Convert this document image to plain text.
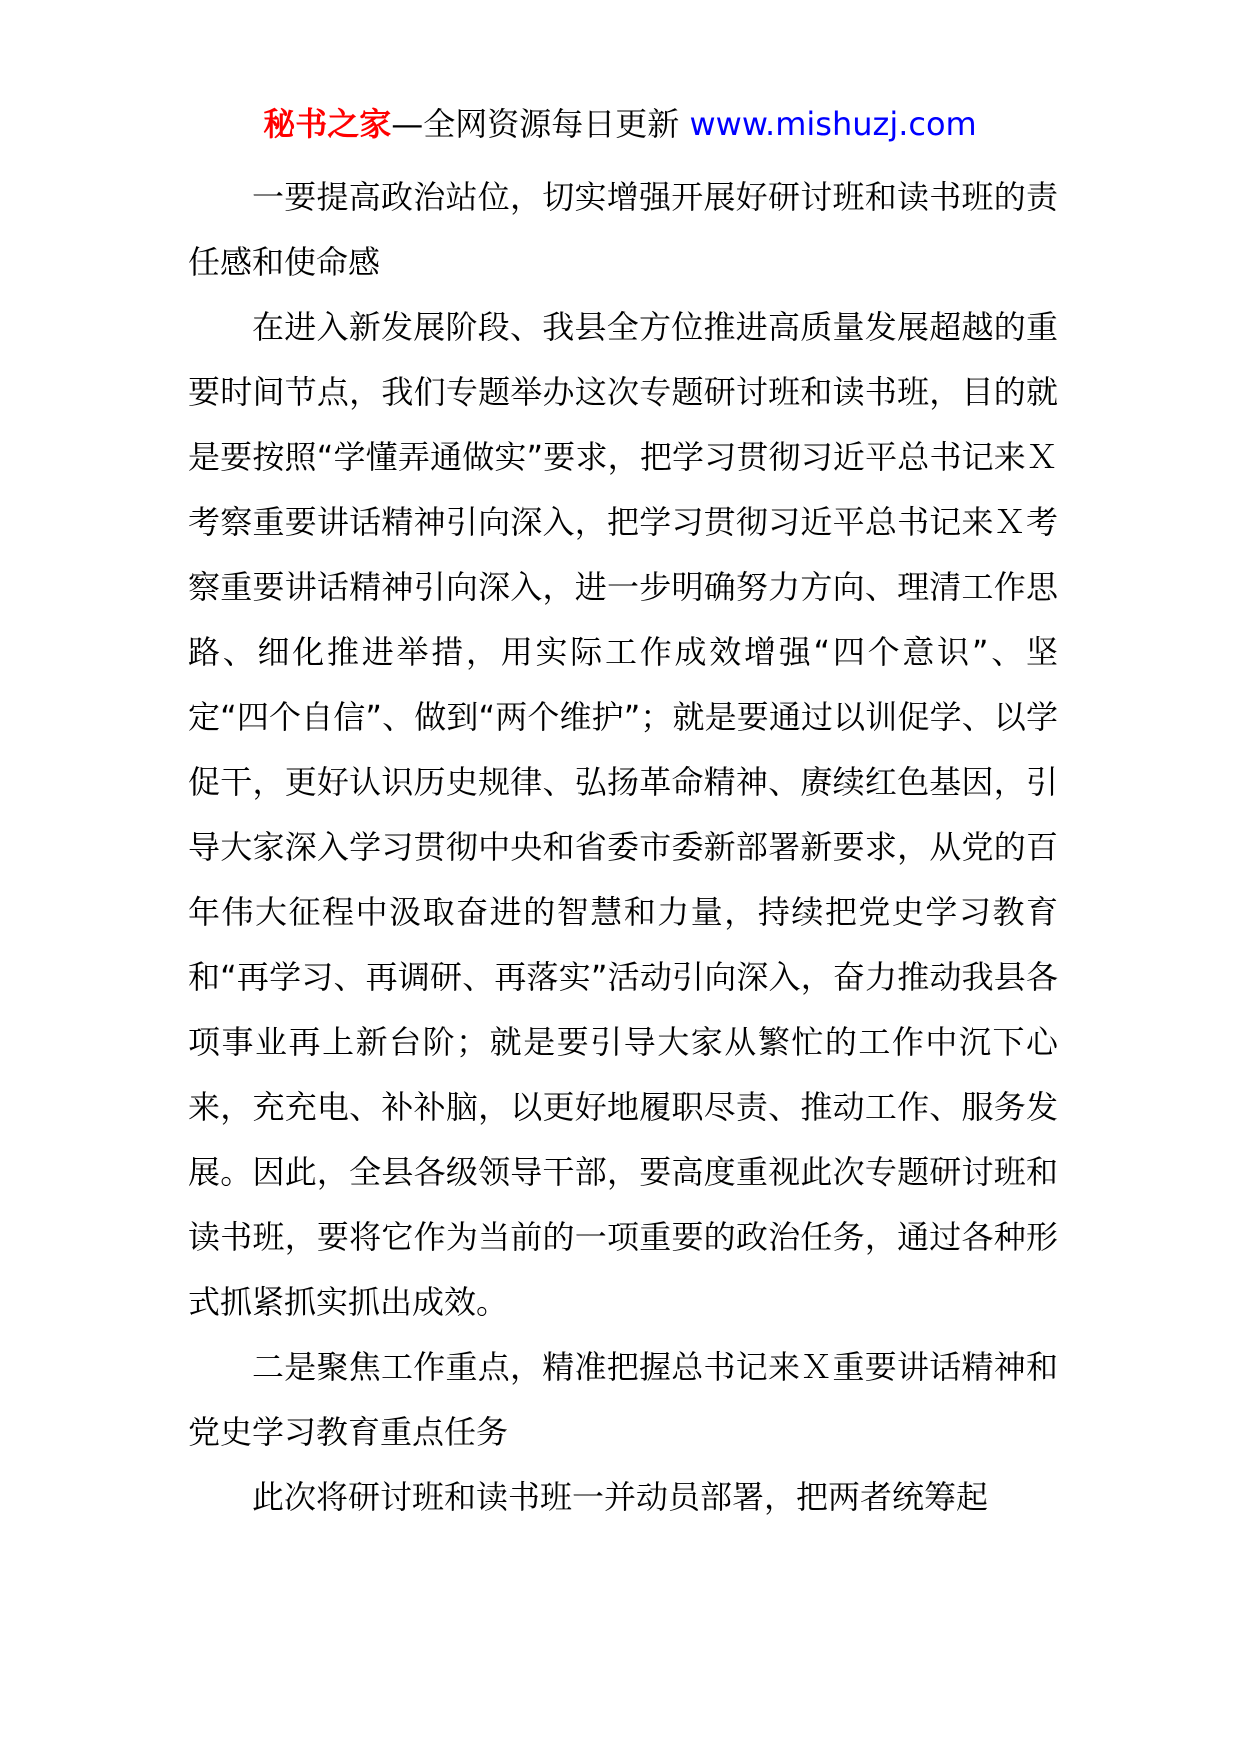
秘书之家—全网资源每日更新 www.mishuzj.com

一要提高政治站位，切实增强开展好研讨班和读书班的责任感和使命感

在进入新发展阶段、我县全方位推进高质量发展超越的重要时间节点，我们专题举办这次专题研讨班和读书班，目的就是要按照“学懂弄通做实”要求，把学习贯彻习近平总书记来Ｘ考察重要讲话精神引向深入，把学习贯彻习近平总书记来Ｘ考察重要讲话精神引向深入，进一步明确努力方向、理清工作思路、细化推进举措，用实际工作成效增强“四个意识”、坚定“四个自信”、做到“两个维护”；就是要通过以训促学、以学促干，更好认识历史规律、弘扬革命精神、赓续红色基因，引导大家深入学习贯彻中央和省委市委新部署新要求，从党的百年伟大征程中汲取奋进的智慧和力量，持续把党史学习教育和“再学习、再调研、再落实”活动引向深入，奋力推动我县各项事业再上新台阶；就是要引导大家从繁忙的工作中沉下心来，充充电、补补脑，以更好地履职尽责、推动工作、服务发展。因此，全县各级领导干部，要高度重视此次专题研讨班和读书班，要将它作为当前的一项重要的政治任务，通过各种形式抓紧抓实抓出成效。

二是聚焦工作重点，精准把握总书记来Ｘ重要讲话精神和党史学习教育重点任务

此次将研讨班和读书班一并动员部署，把两者统筹起
